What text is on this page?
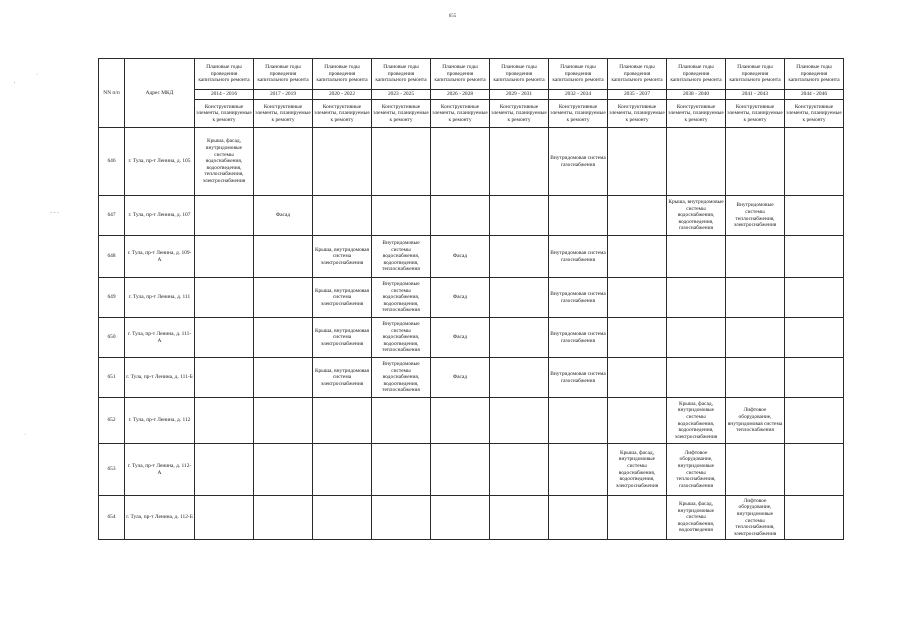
655
·
'
- - -
·
NN п/п	Адрес МКД	Плановые годы проведения капитального ремонта	Плановые годы проведения капитального ремонта	Плановые годы проведения капитального ремонта	Плановые годы проведения капитального ремонта	Плановые годы проведения капитального ремонта	Плановые годы проведения капитального ремонта	Плановые годы проведения капитального ремонта	Плановые годы проведения капитального ремонта	Плановые годы проведения капитального ремонта	Плановые годы проведения капитального ремонта	Плановые годы проведения капитального ремонта
		2014 - 2016	2017 - 2019	2020 - 2022	2023 - 2025	2026 - 2028	2029 - 2031	2032 - 2034	2035 - 2037	2038 - 2040	2041 - 2043	2044 - 2046
		Конструктивные элементы, планируемые к ремонту	Конструктивные элементы, планируемые к ремонту	Конструктивные элементы, планируемые к ремонту	Конструктивные элементы, планируемые к ремонту	Конструктивные элементы, планируемые к ремонту	Конструктивные элементы, планируемые к ремонту	Конструктивные элементы, планируемые к ремонту	Конструктивные элементы, планируемые к ремонту	Конструктивные элементы, планируемые к ремонту	Конструктивные элементы, планируемые к ремонту	Конструктивные элементы, планируемые к ремонту
646	г. Тула, пр-т Ленина, д. 105	Крыша, фасад, внутридомовые системы водоснабжения, водоотведения, теплоснабжения, электроснабжения						Внутридомовая система газоснабжения				
647	г. Тула, пр-т Ленина, д. 107		Фасад							Крыша, внутридомовые системы водоснабжения, водоотведения, газоснабжения	Внутридомовые системы теплоснабжения, электроснабжения	
648	г. Тула, пр-т Ленина, д. 109-А			Крыша, внутридомовая система электроснабжения	Внутридомовые системы водоснабжения, водоотведения, теплоснабжения	Фасад		Внутридомовая система газоснабжения				
649	г. Тула, пр-т Ленина, д. 111			Крыша, внутридомовая система электроснабжения	Внутридомовые системы водоснабжения, водоотведения, теплоснабжения	Фасад		Внутридомовая система газоснабжения				
650	г. Тула, пр-т Ленина, д. 111-А			Крыша, внутридомовая система электроснабжения	Внутридомовые системы водоснабжения, водоотведения, теплоснабжения	Фасад		Внутридомовая система газоснабжения				
651	г. Тула, пр-т Ленина, д. 111-Б			Крыша, внутридомовая система электроснабжения	Внутридомовые системы водоснабжения, водоотведения, теплоснабжения	Фасад		Внутридомовая система газоснабжения				
652	г. Тула, пр-т Ленина, д. 112									Крыша, фасад, внутридомовые системы водоснабжения, водоотведения, электроснабжения	Лифтовое оборудование, внутридомовая система теплоснабжения	
653	г. Тула, пр-т Ленина, д. 112-А								Крыша, фасад, внутридомовые системы водоснабжения, водоотведения, электроснабжения	Лифтовое оборудование, внутридомовые системы теплоснабжения, газоснабжения		
654	г. Тула, пр-т Ленина, д. 112-Б									Крыша, фасад, внутридомовые системы водоснабжения, водоотведения	Лифтовое оборудование, внутридомовые системы теплоснабжения, электроснабжения	
